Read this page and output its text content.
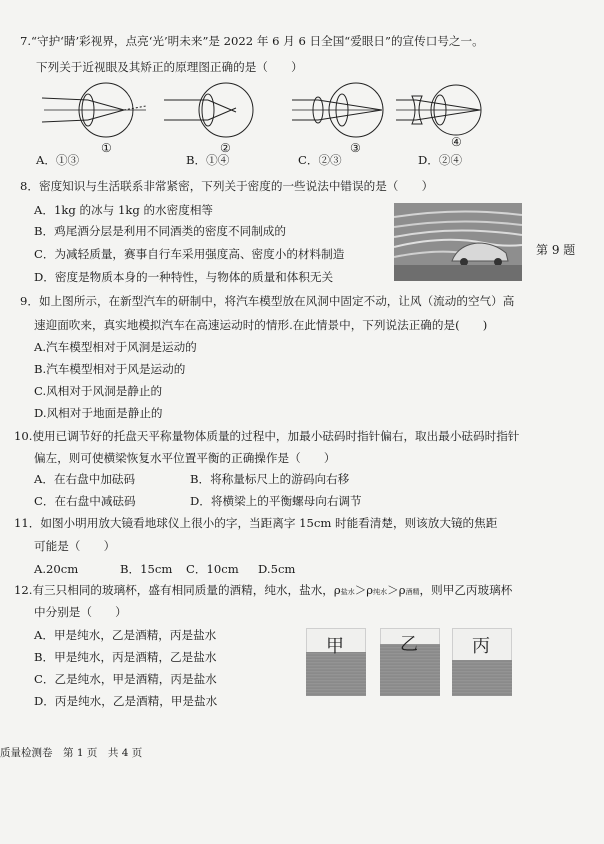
7.“守护‘睛’彩视界，点亮‘光’明未来”是 2022 年 6 月 6 日全国“爱眼日”的宣传口号之一。
下列关于近视眼及其矫正的原理图正确的是（　　）
①	②	③	④
A．①③	B．①④	C．②③	D．②④
8．密度知识与生活联系非常紧密，下列关于密度的一些说法中错误的是（　　）
A．1kg 的冰与 1kg 的水密度相等
B．鸡尾酒分层是利用不同酒类的密度不同制成的
C．为减轻质量，赛事自行车采用强度高、密度小的材料制造
D．密度是物质本身的一种特性，与物体的质量和体积无关
第 9 题
9．如上图所示，在新型汽车的研制中，将汽车模型放在风洞中固定不动，让风（流动的空气）高
速迎面吹来，真实地模拟汽车在高速运动时的情形.在此情景中，下列说法正确的是(　　)
A.汽车模型相对于风洞是运动的
B.汽车模型相对于风是运动的
C.风相对于风洞是静止的
D.风相对于地面是静止的
10.使用已调节好的托盘天平称量物体质量的过程中，加最小砝码时指针偏右，取出最小砝码时指针
偏左，则可使横梁恢复水平位置平衡的正确操作是（　　）
A．在右盘中加砝码	B．将称量标尺上的游码向右移
C．在右盘中减砝码	D．将横梁上的平衡螺母向右调节
11．如图小明用放大镜看地球仪上很小的字，当距离字 15cm 时能看清楚，则该放大镜的焦距
可能是（　　）
A.20cm	B．15cm C．10cm D.5cm
12.有三只相同的玻璃杯，盛有相同质量的酒精，纯水，盐水，ρ盐水＞ρ纯水＞ρ酒精，则甲乙丙玻璃杯
中分别是（　　）
A．甲是纯水，乙是酒精，丙是盐水
B．甲是纯水，丙是酒精，乙是盐水
C．乙是纯水，甲是酒精，丙是盐水
D．丙是纯水，乙是酒精，甲是盐水
甲	乙	丙
质量检测卷　第 1 页　共 4 页
